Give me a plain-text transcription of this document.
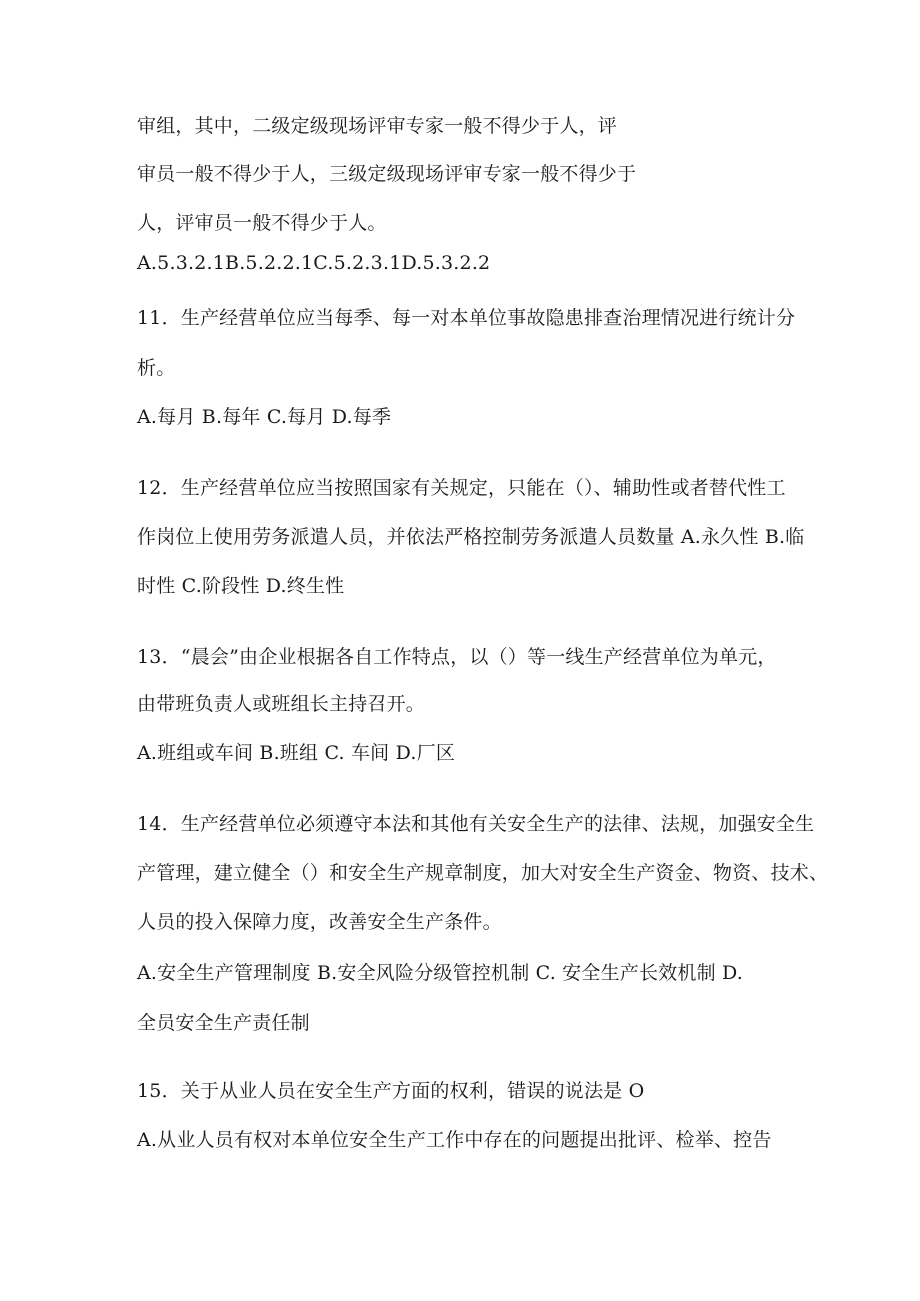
审组，其中，二级定级现场评审专家一般不得少于人，评
审员一般不得少于人，三级定级现场评审专家一般不得少于
人，评审员一般不得少于人。
A.5.3.2.1B.5.2.2.1C.5.2.3.1D.5.3.2.2
11．生产经营单位应当每季、每一对本单位事故隐患排查治理情况进行统计分
析。
A.每月 B.每年 C.每月 D.每季
12．生产经营单位应当按照国家有关规定，只能在（）、辅助性或者替代性工
作岗位上使用劳务派遣人员，并依法严格控制劳务派遣人员数量 A.永久性 B.临
时性 C.阶段性 D.终生性
13．“晨会”由企业根据各自工作特点，以（）等一线生产经营单位为单元，
由带班负责人或班组长主持召开。
A.班组或车间 B.班组 C. 车间 D.厂区
14．生产经营单位必须遵守本法和其他有关安全生产的法律、法规，加强安全生
产管理，建立健全（）和安全生产规章制度，加大对安全生产资金、物资、技术、
人员的投入保障力度，改善安全生产条件。
A.安全生产管理制度 B.安全风险分级管控机制 C. 安全生产长效机制 D.
全员安全生产责任制
15．关于从业人员在安全生产方面的权利，错误的说法是 O
A.从业人员有权对本单位安全生产工作中存在的问题提出批评、检举、控告
